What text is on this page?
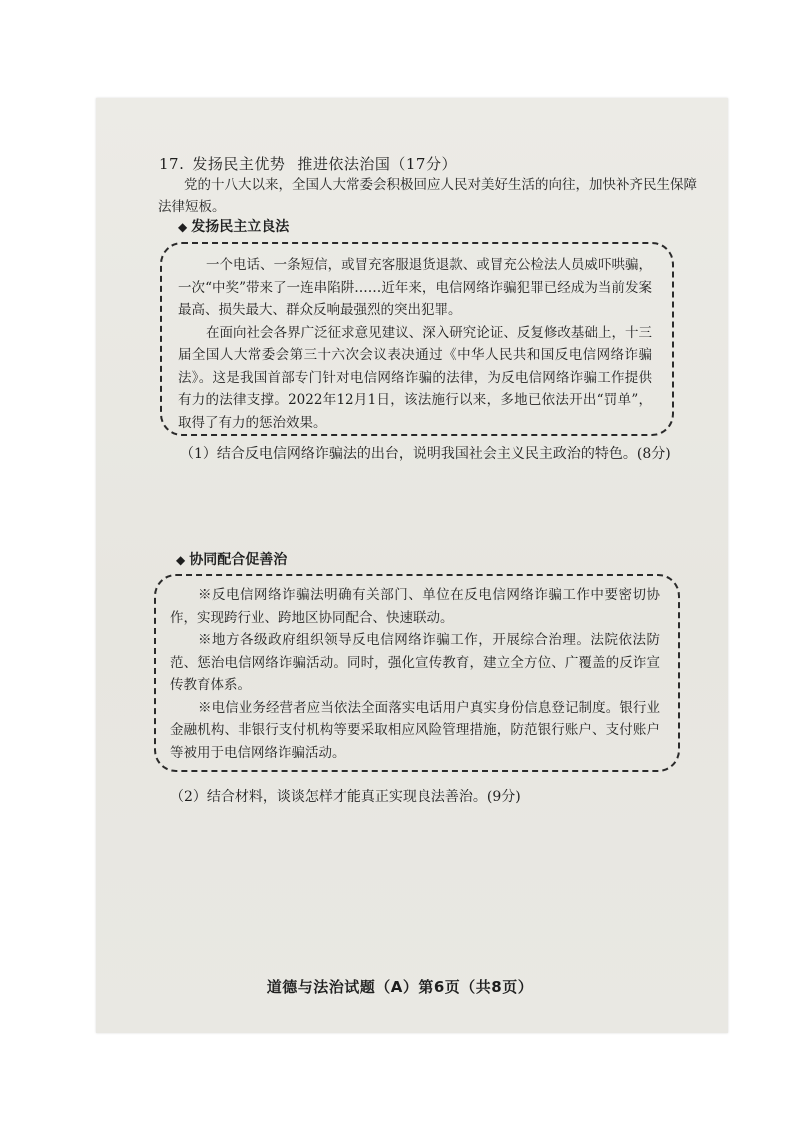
17. 发扬民主优势 推进依法治国（17分）
党的十八大以来，全国人大常委会积极回应人民对美好生活的向往，加快补齐民生保障法律短板。
◆ 发扬民主立良法

一个电话、一条短信，或冒充客服退货退款、或冒充公检法人员威吓哄骗，一次“中奖”带来了一连串陷阱……近年来，电信网络诈骗犯罪已经成为当前发案最高、损失最大、群众反响最强烈的突出犯罪。

在面向社会各界广泛征求意见建议、深入研究论证、反复修改基础上，十三届全国人大常委会第三十六次会议表决通过《中华人民共和国反电信网络诈骗法》。这是我国首部专门针对电信网络诈骗的法律，为反电信网络诈骗工作提供有力的法律支撑。2022年12月1日，该法施行以来，多地已依法开出“罚单”，取得了有力的惩治效果。

（1）结合反电信网络诈骗法的出台，说明我国社会主义民主政治的特色。(8分)
◆ 协同配合促善治

※反电信网络诈骗法明确有关部门、单位在反电信网络诈骗工作中要密切协作，实现跨行业、跨地区协同配合、快速联动。

※地方各级政府组织领导反电信网络诈骗工作，开展综合治理。法院依法防范、惩治电信网络诈骗活动。同时，强化宣传教育，建立全方位、广覆盖的反诈宣传教育体系。

※电信业务经营者应当依法全面落实电话用户真实身份信息登记制度。银行业金融机构、非银行支付机构等要采取相应风险管理措施，防范银行账户、支付账户等被用于电信网络诈骗活动。

（2）结合材料，谈谈怎样才能真正实现良法善治。(9分)
道德与法治试题（A）第6页（共8页）
